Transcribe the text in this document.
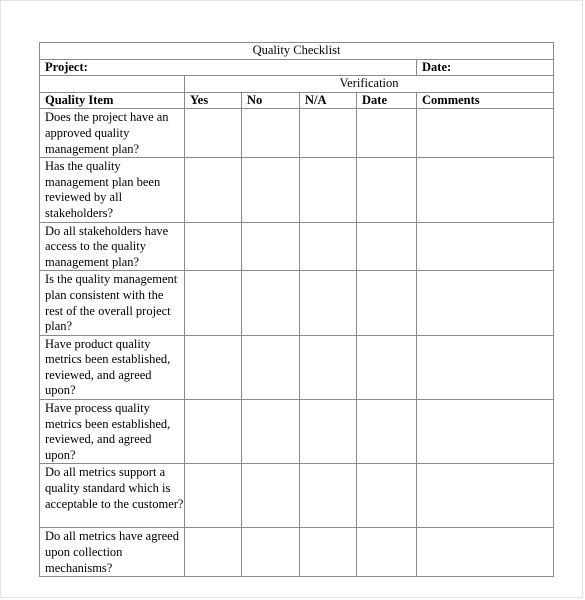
Quality Checklist					
Project:					Date:
	Verification				
Quality Item	Yes	No	N/A	Date	Comments
Does the project have an approved quality management plan?					
Has the quality management plan been reviewed by all stakeholders?					
Do all stakeholders have access to the quality management plan?					
Is the quality management plan consistent with the rest of the overall project plan?					
Have product quality metrics been established, reviewed, and agreed upon?					
Have process quality metrics been established, reviewed, and agreed upon?					
Do all metrics support a quality standard which is acceptable to the customer?					
Do all metrics have agreed upon collection mechanisms?					
